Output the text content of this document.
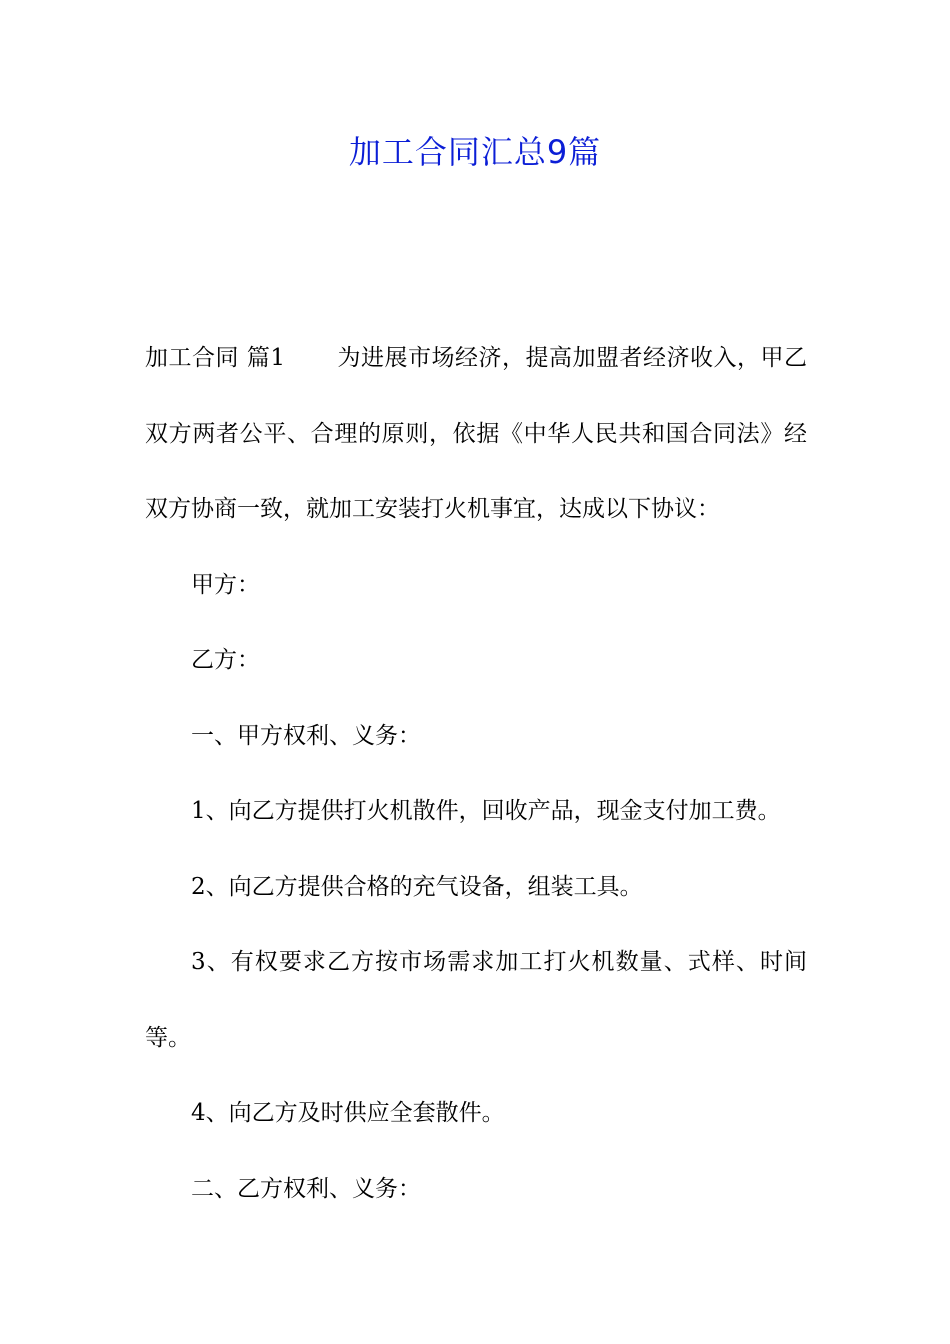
加工合同汇总9篇

加工合同 篇1 为进展市场经济，提高加盟者经济收入，甲乙双方两者公平、合理的原则，依据《中华人民共和国合同法》经双方协商一致，就加工安装打火机事宜，达成以下协议：

甲方：

乙方：

一、甲方权利、义务：

1、向乙方提供打火机散件，回收产品，现金支付加工费。

2、向乙方提供合格的充气设备，组装工具。

3、有权要求乙方按市场需求加工打火机数量、式样、时间等。

4、向乙方及时供应全套散件。

二、乙方权利、义务：
